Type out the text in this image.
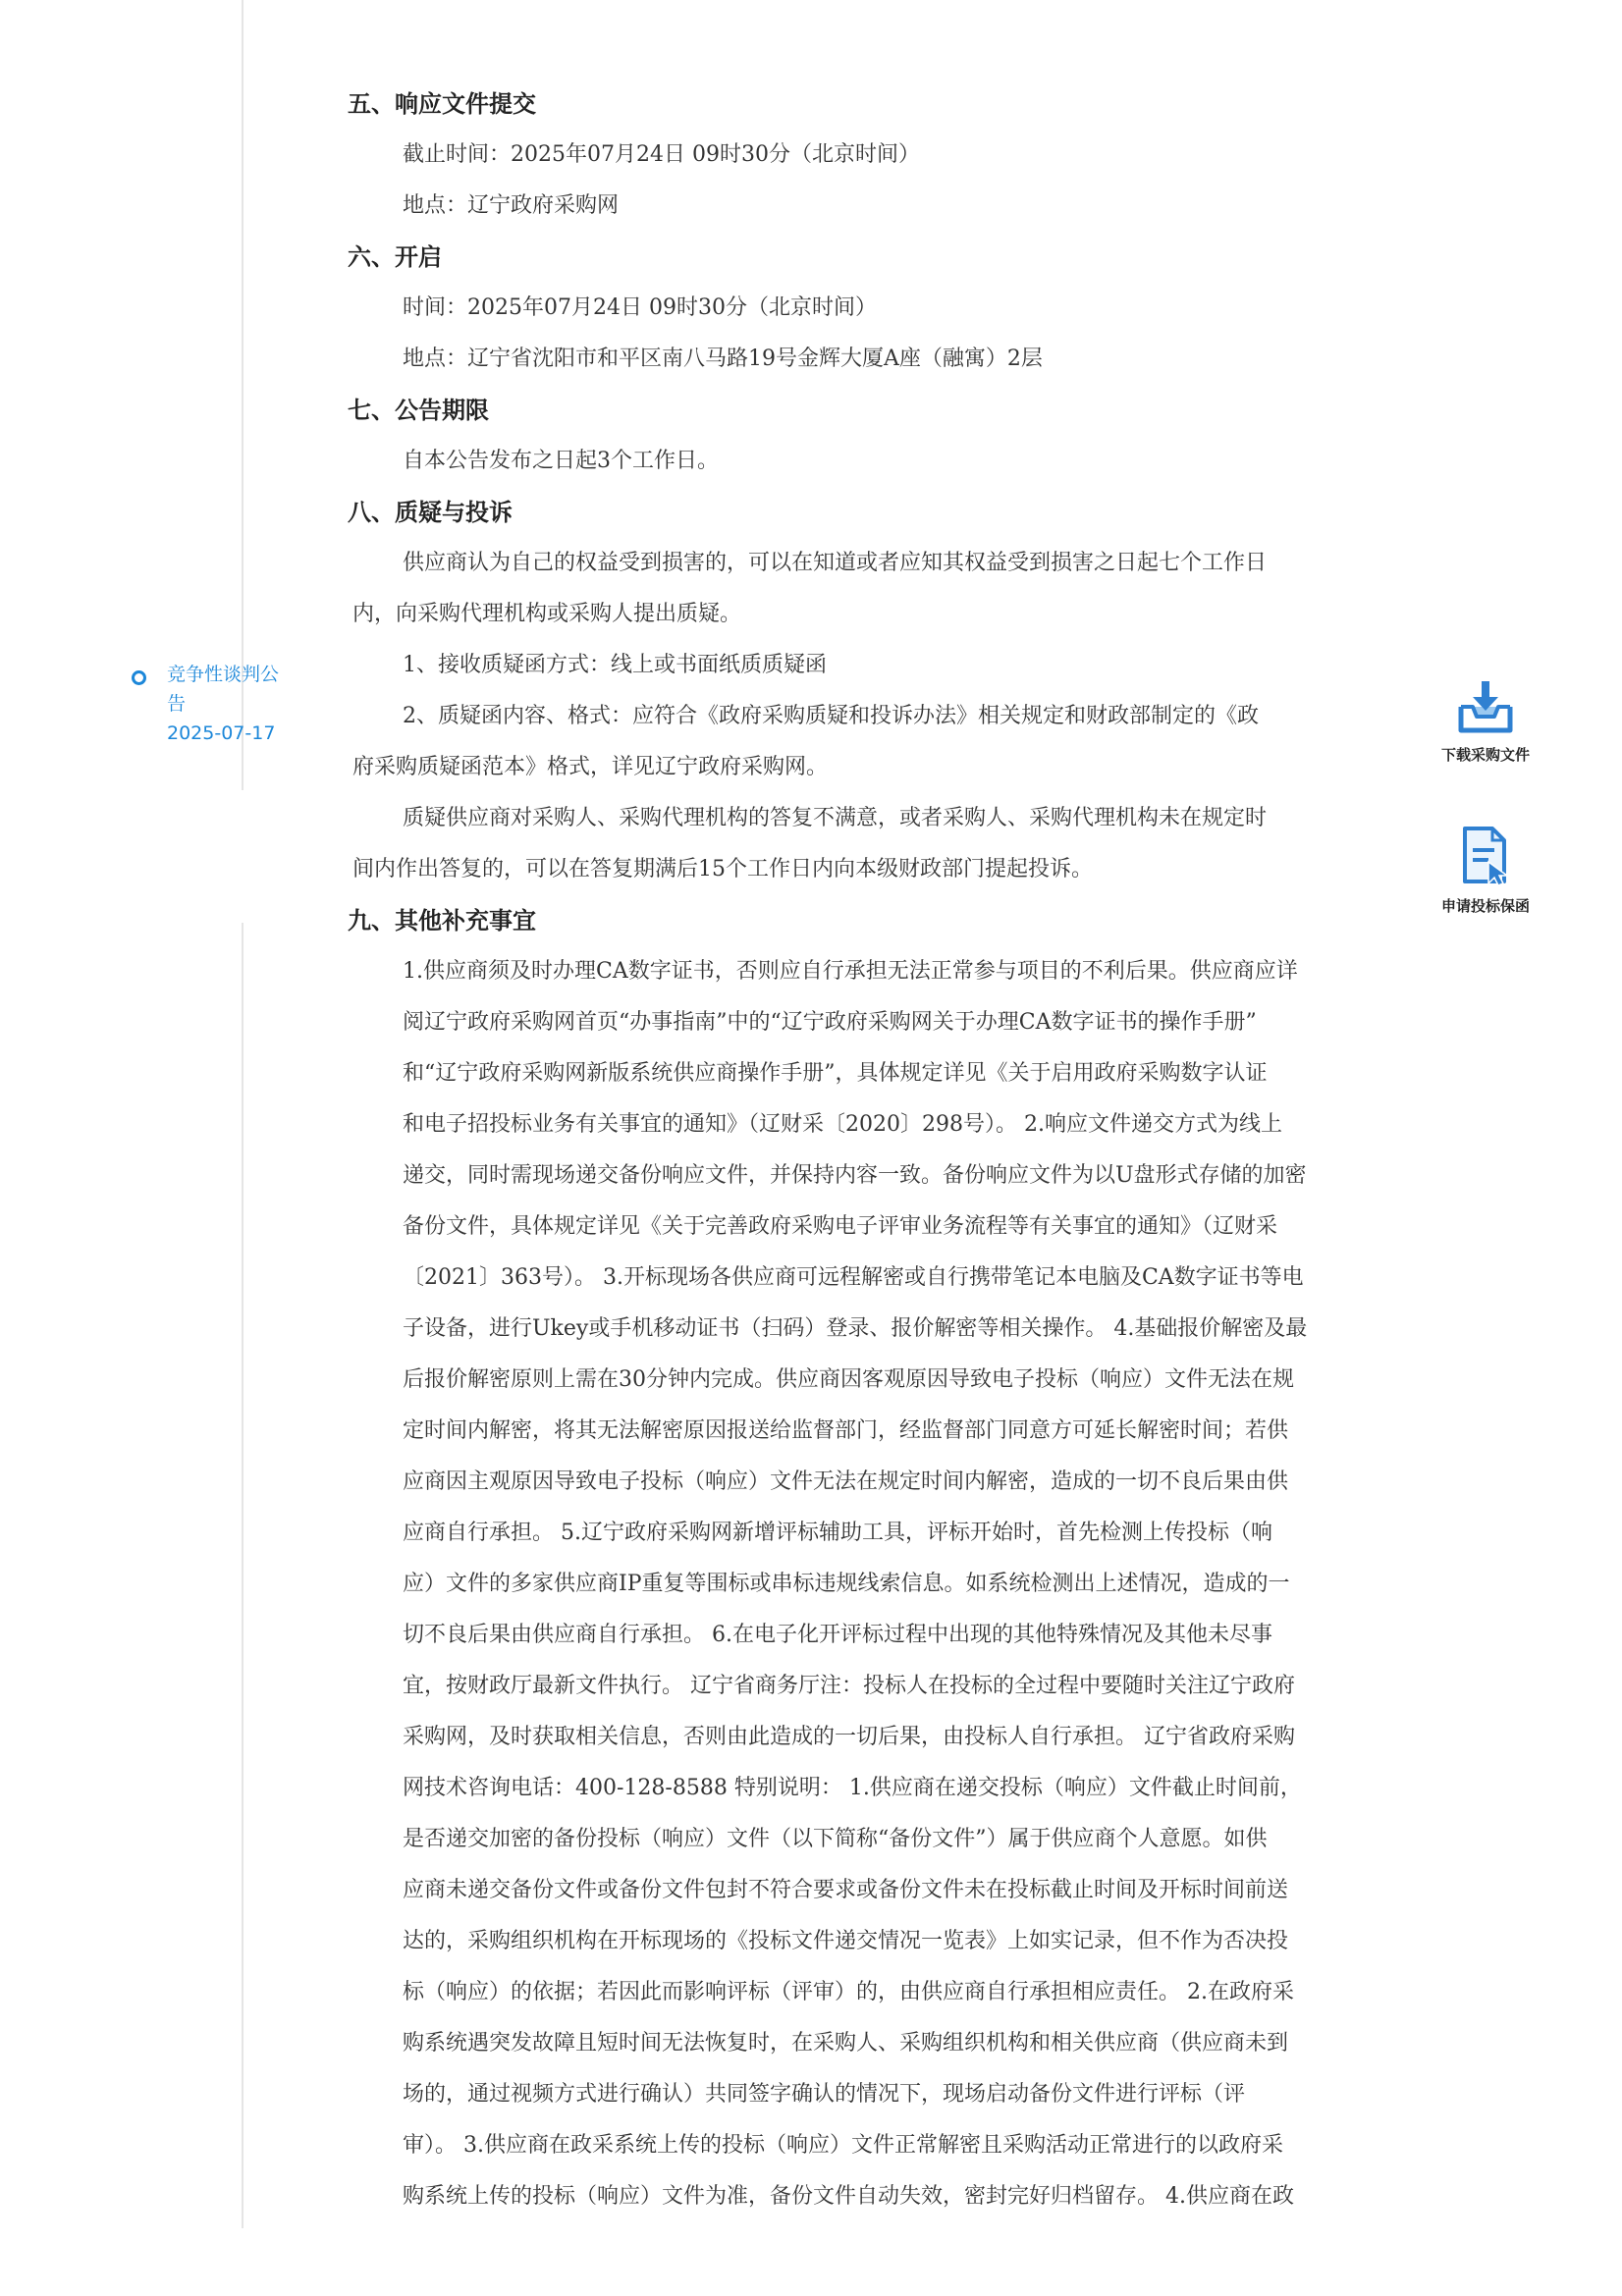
竞争性谈判公告
2025-07-17
五、响应文件提交
截止时间：2025年07月24日 09时30分（北京时间）
地点：辽宁政府采购网
六、开启
时间：2025年07月24日 09时30分（北京时间）
地点：辽宁省沈阳市和平区南八马路19号金辉大厦A座（融寓）2层
七、公告期限
自本公告发布之日起3个工作日。
八、质疑与投诉
供应商认为自己的权益受到损害的，可以在知道或者应知其权益受到损害之日起七个工作日
内，向采购代理机构或采购人提出质疑。
1、接收质疑函方式：线上或书面纸质质疑函
2、质疑函内容、格式：应符合《政府采购质疑和投诉办法》相关规定和财政部制定的《政
府采购质疑函范本》格式，详见辽宁政府采购网。
质疑供应商对采购人、采购代理机构的答复不满意，或者采购人、采购代理机构未在规定时
间内作出答复的，可以在答复期满后15个工作日内向本级财政部门提起投诉。
九、其他补充事宜
1.供应商须及时办理CA数字证书，否则应自行承担无法正常参与项目的不利后果。供应商应详
阅辽宁政府采购网首页“办事指南”中的“辽宁政府采购网关于办理CA数字证书的操作手册”
和“辽宁政府采购网新版系统供应商操作手册”，具体规定详见《关于启用政府采购数字认证
和电子招投标业务有关事宜的通知》（辽财采〔2020〕298号）。 2.响应文件递交方式为线上
递交，同时需现场递交备份响应文件，并保持内容一致。备份响应文件为以U盘形式存储的加密
备份文件，具体规定详见《关于完善政府采购电子评审业务流程等有关事宜的通知》（辽财采
〔2021〕363号）。 3.开标现场各供应商可远程解密或自行携带笔记本电脑及CA数字证书等电
子设备，进行Ukey或手机移动证书（扫码）登录、报价解密等相关操作。 4.基础报价解密及最
后报价解密原则上需在30分钟内完成。供应商因客观原因导致电子投标（响应）文件无法在规
定时间内解密，将其无法解密原因报送给监督部门，经监督部门同意方可延长解密时间；若供
应商因主观原因导致电子投标（响应）文件无法在规定时间内解密，造成的一切不良后果由供
应商自行承担。 5.辽宁政府采购网新增评标辅助工具，评标开始时，首先检测上传投标（响
应）文件的多家供应商IP重复等围标或串标违规线索信息。如系统检测出上述情况，造成的一
切不良后果由供应商自行承担。 6.在电子化开评标过程中出现的其他特殊情况及其他未尽事
宜，按财政厅最新文件执行。 辽宁省商务厅注：投标人在投标的全过程中要随时关注辽宁政府
采购网，及时获取相关信息，否则由此造成的一切后果，由投标人自行承担。 辽宁省政府采购
网技术咨询电话：400-128-8588 特别说明： 1.供应商在递交投标（响应）文件截止时间前，
是否递交加密的备份投标（响应）文件（以下简称“备份文件”）属于供应商个人意愿。如供
应商未递交备份文件或备份文件包封不符合要求或备份文件未在投标截止时间及开标时间前送
达的，采购组织机构在开标现场的《投标文件递交情况一览表》上如实记录，但不作为否决投
标（响应）的依据；若因此而影响评标（评审）的，由供应商自行承担相应责任。 2.在政府采
购系统遇突发故障且短时间无法恢复时，在采购人、采购组织机构和相关供应商（供应商未到
场的，通过视频方式进行确认）共同签字确认的情况下，现场启动备份文件进行评标（评
审）。 3.供应商在政采系统上传的投标（响应）文件正常解密且采购活动正常进行的以政府采
购系统上传的投标（响应）文件为准，备份文件自动失效，密封完好归档留存。 4.供应商在政
下载采购文件
申请投标保函
